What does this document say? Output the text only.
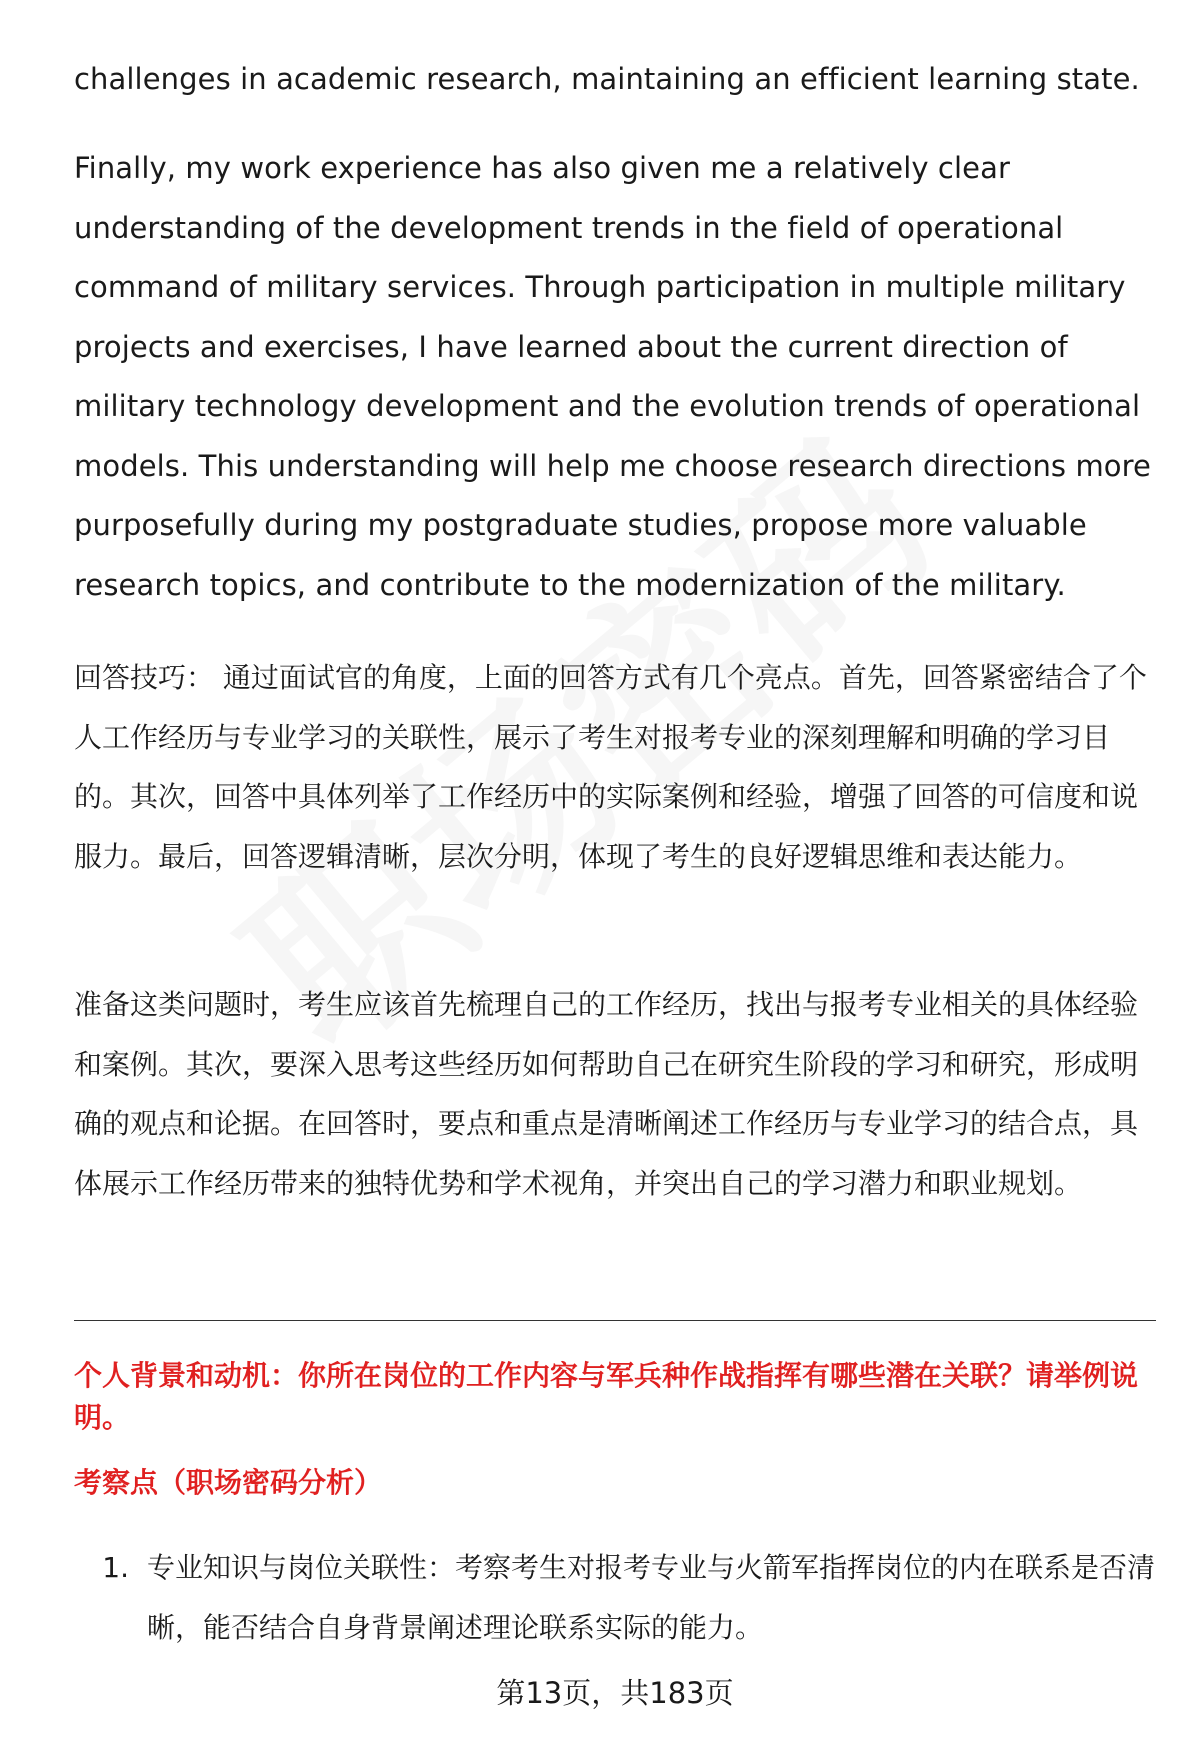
challenges in academic research, maintaining an efficient learning state.

Finally, my work experience has also given me a relatively clear understanding of the development trends in the field of operational command of military services. Through participation in multiple military projects and exercises, I have learned about the current direction of military technology development and the evolution trends of operational models. This understanding will help me choose research directions more purposefully during my postgraduate studies, propose more valuable research topics, and contribute to the modernization of the military.

回答技巧： 通过面试官的角度，上面的回答方式有几个亮点。首先，回答紧密结合了个人工作经历与专业学习的关联性，展示了考生对报考专业的深刻理解和明确的学习目的。其次，回答中具体列举了工作经历中的实际案例和经验，增强了回答的可信度和说服力。最后，回答逻辑清晰，层次分明，体现了考生的良好逻辑思维和表达能力。

准备这类问题时，考生应该首先梳理自己的工作经历，找出与报考专业相关的具体经验和案例。其次，要深入思考这些经历如何帮助自己在研究生阶段的学习和研究，形成明确的观点和论据。在回答时，要点和重点是清晰阐述工作经历与专业学习的结合点，具体展示工作经历带来的独特优势和学术视角，并突出自己的学习潜力和职业规划。

个人背景和动机：你所在岗位的工作内容与军兵种作战指挥有哪些潜在关联？请举例说明。
考察点（职场密码分析）
1. 专业知识与岗位关联性：考察考生对报考专业与火箭军指挥岗位的内在联系是否清晰，能否结合自身背景阐述理论联系实际的能力。
第13页，共183页
